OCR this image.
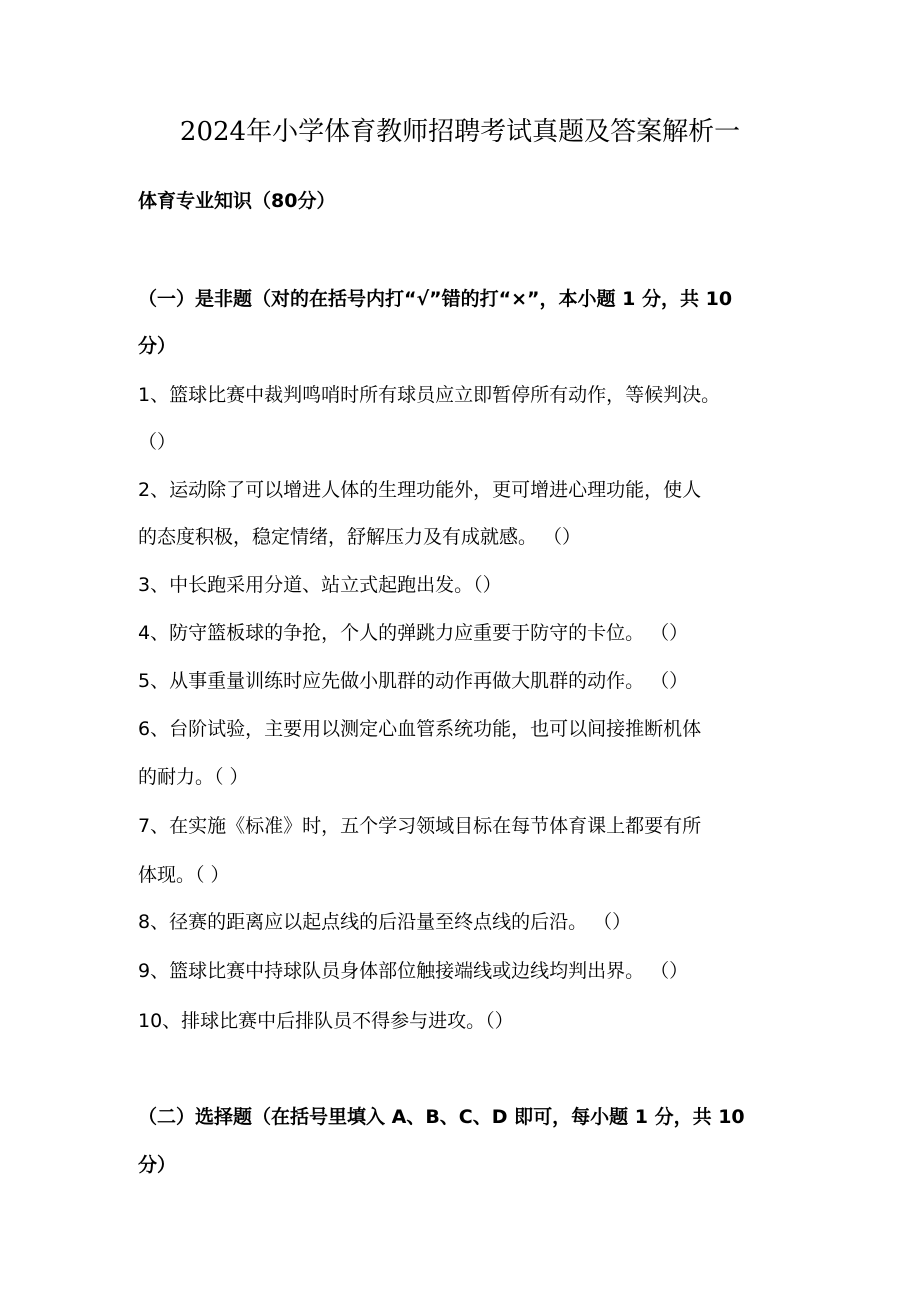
2024年小学体育教师招聘考试真题及答案解析一
体育专业知识（80分）
（一）是非题（对的在括号内打“√”错的打“×”，本小题 1 分，共 10
分）
1、篮球比赛中裁判鸣哨时所有球员应立即暂停所有动作，等候判决。
（）
2、运动除了可以增进人体的生理功能外，更可增进心理功能，使人
的态度积极，稳定情绪，舒解压力及有成就感。 （）
3、中长跑采用分道、站立式起跑出发。（）
4、防守篮板球的争抢，个人的弹跳力应重要于防守的卡位。 （）
5、从事重量训练时应先做小肌群的动作再做大肌群的动作。 （）
6、台阶试验，主要用以测定心血管系统功能，也可以间接推断机体
的耐力。（ ）
7、在实施《标准》时，五个学习领域目标在每节体育课上都要有所
体现。（ ）
8、径赛的距离应以起点线的后沿量至终点线的后沿。 （）
9、篮球比赛中持球队员身体部位触接端线或边线均判出界。 （）
10、排球比赛中后排队员不得参与进攻。（）
（二）选择题（在括号里填入 A、B、C、D 即可，每小题 1 分，共 10
分）
